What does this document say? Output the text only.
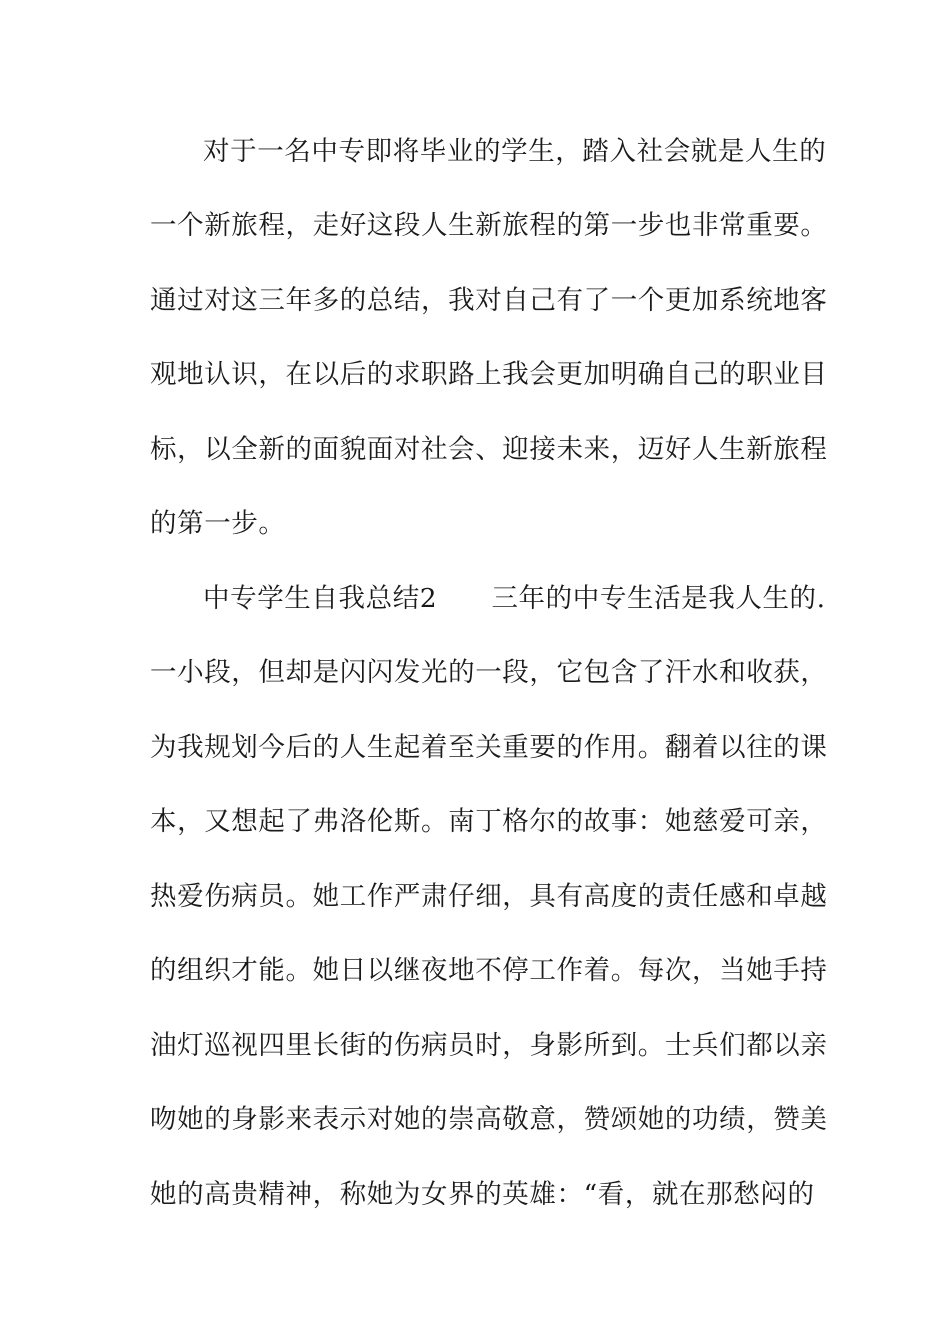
对于一名中专即将毕业的学生，踏入社会就是人生的
一个新旅程，走好这段人生新旅程的第一步也非常重要。
通过对这三年多的总结，我对自己有了一个更加系统地客
观地认识，在以后的求职路上我会更加明确自己的职业目
标，以全新的面貌面对社会、迎接未来，迈好人生新旅程
的第一步。
中专学生自我总结2　　三年的中专生活是我人生的.
一小段，但却是闪闪发光的一段，它包含了汗水和收获，
为我规划今后的人生起着至关重要的作用。翻着以往的课
本，又想起了弗洛伦斯。南丁格尔的故事：她慈爱可亲，
热爱伤病员。她工作严肃仔细，具有高度的责任感和卓越
的组织才能。她日以继夜地不停工作着。每次，当她手持
油灯巡视四里长街的伤病员时，身影所到。士兵们都以亲
吻她的身影来表示对她的崇高敬意，赞颂她的功绩，赞美
她的高贵精神，称她为女界的英雄：“看，就在那愁闷的
